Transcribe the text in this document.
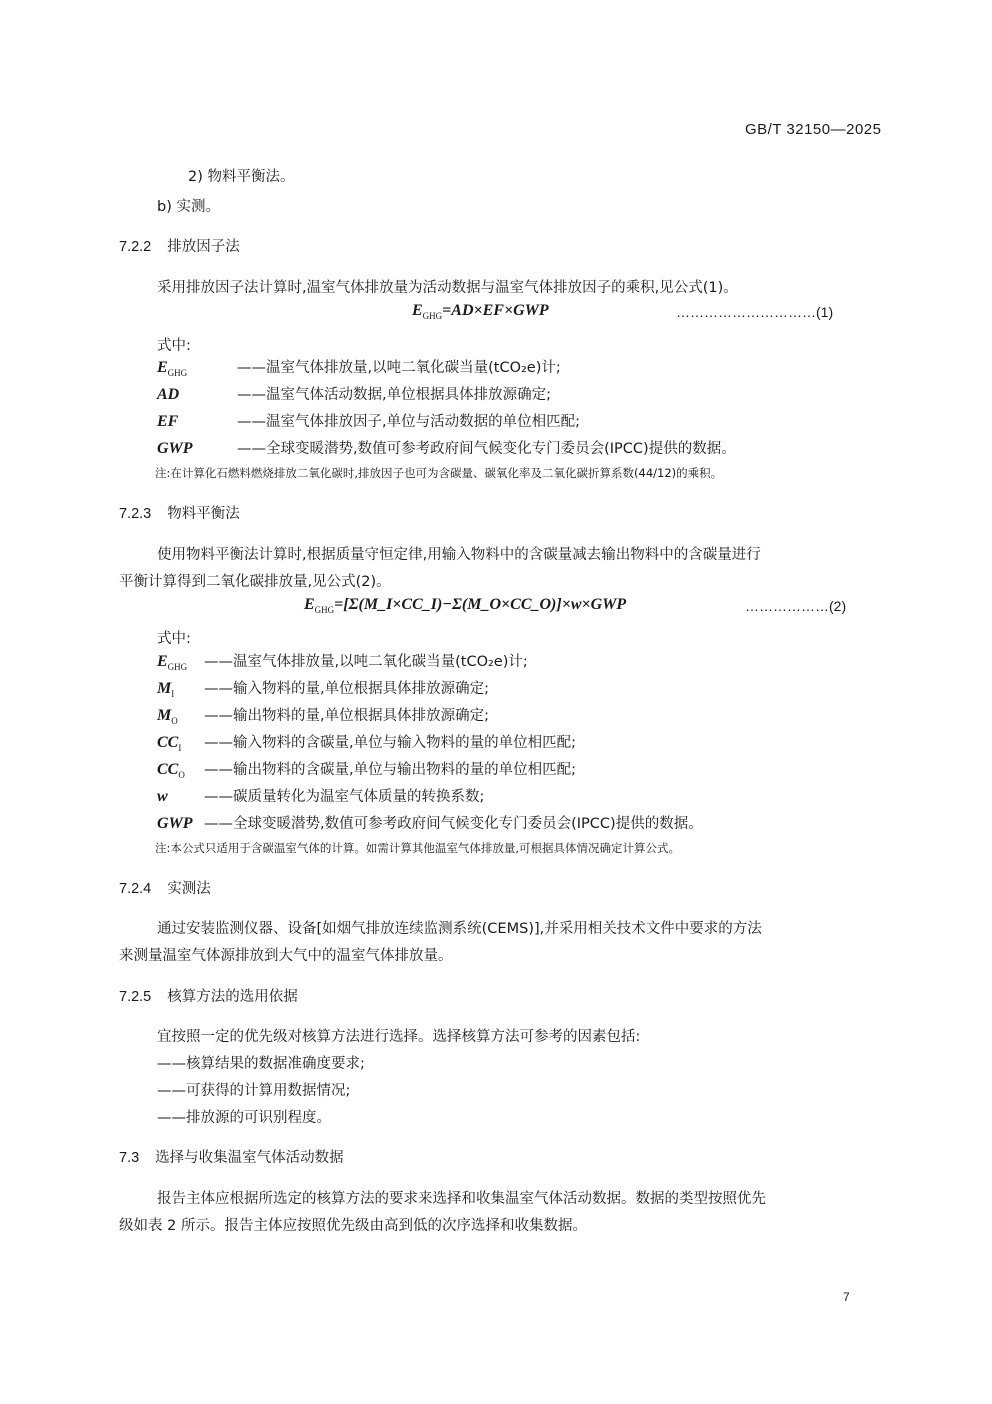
GB/T 32150—2025
2) 物料平衡法。
b) 实测。
7.2.2 排放因子法
采用排放因子法计算时,温室气体排放量为活动数据与温室气体排放因子的乘积,见公式(1)。
$E_{GHG}=AD\times EF\times GWP$	…………………………(1)
式中:
$E_{GHG}$	——温室气体排放量,以吨二氧化碳当量(tCO₂e)计;
AD	——温室气体活动数据,单位根据具体排放源确定;
EF	——温室气体排放因子,单位与活动数据的单位相匹配;
GWP	——全球变暖潜势,数值可参考政府间气候变化专门委员会(IPCC)提供的数据。
注:在计算化石燃料燃烧排放二氧化碳时,排放因子也可为含碳量、碳氧化率及二氧化碳折算系数(44/12)的乘积。
7.2.3 物料平衡法
使用物料平衡法计算时,根据质量守恒定律,用输入物料中的含碳量减去输出物料中的含碳量进行
平衡计算得到二氧化碳排放量,见公式(2)。
$E_{GHG}=[\Sigma(M\_I\times CC\_I)-\Sigma(M\_O\times CC\_O)]\times w\times GWP$	………………(2)
式中:
$E_{GHG}$ ——温室气体排放量,以吨二氧化碳当量(tCO₂e)计;
$M_I$ ——输入物料的量,单位根据具体排放源确定;
$M_O$ ——输出物料的量,单位根据具体排放源确定;
$CC_I$ ——输入物料的含碳量,单位与输入物料的量的单位相匹配;
$CC_O$ ——输出物料的含碳量,单位与输出物料的量的单位相匹配;
w	——碳质量转化为温室气体质量的转换系数;
GWP ——全球变暖潜势,数值可参考政府间气候变化专门委员会(IPCC)提供的数据。
注:本公式只适用于含碳温室气体的计算。如需计算其他温室气体排放量,可根据具体情况确定计算公式。
7.2.4 实测法
通过安装监测仪器、设备[如烟气排放连续监测系统(CEMS)],并采用相关技术文件中要求的方法
来测量温室气体源排放到大气中的温室气体排放量。
7.2.5 核算方法的选用依据
宜按照一定的优先级对核算方法进行选择。选择核算方法可参考的因素包括:
——核算结果的数据准确度要求;
——可获得的计算用数据情况;
——排放源的可识别程度。
7.3 选择与收集温室气体活动数据
报告主体应根据所选定的核算方法的要求来选择和收集温室气体活动数据。数据的类型按照优先
级如表 2 所示。报告主体应按照优先级由高到低的次序选择和收集数据。
7
